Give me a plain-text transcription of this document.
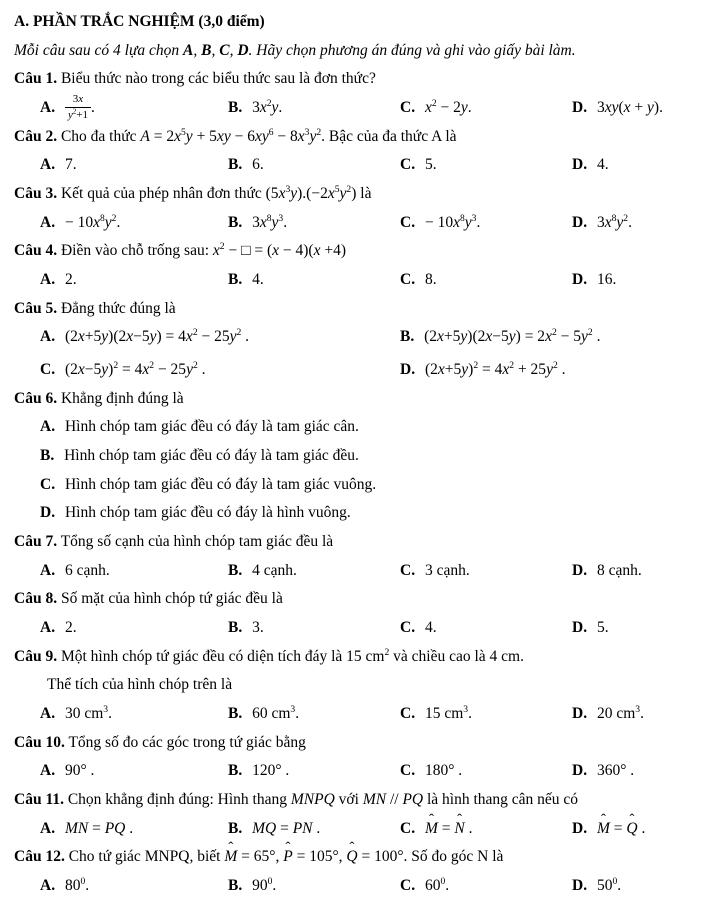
A. PHẦN TRẮC NGHIỆM (3,0 điểm)
Mỗi câu sau có 4 lựa chọn A, B, C, D. Hãy chọn phương án đúng và ghi vào giấy bài làm.
Câu 1. Biểu thức nào trong các biểu thức sau là đơn thức?
A. $\frac{3x}{y^2+1}$ .	B. $3x^2y$.	C. $x^2 - 2y$.	D. 3xy(x + y).
Câu 2. Cho đa thức $A = 2x^5y + 5xy - 6xy^6 - 8x^3y^2$. Bậc của đa thức A là
A. 7.	B. 6.	C. 5.	D. 4.
Câu 3. Kết quả của phép nhân đơn thức $(5x^3y).(-2x^5y^2)$ là
A. − $10x^8y^2$.	B. $3x^8y^3$.	C. − $10x^8y^3$.	D. $3x^8y^2$.
Câu 4. Điền vào chỗ trống sau: $x^2$ − □ = (x − 4)(x +4)
A. 2.	B. 4.	C. 8.	D. 16.
Câu 5. Đẳng thức đúng là
A. $(2x+5y)(2x-5y) = 4x^2 - 25y^2$ .	B. $(2x+5y)(2x-5y) = 2x^2 - 5y^2$ .
C. $(2x-5y)^2 = 4x^2 - 25y^2$ .	D. $(2x+5y)^2 = 4x^2 + 25y^2$ .
Câu 6. Khẳng định đúng là
A. Hình chóp tam giác đều có đáy là tam giác cân.
B. Hình chóp tam giác đều có đáy là tam giác đều.
C. Hình chóp tam giác đều có đáy là tam giác vuông.
D. Hình chóp tam giác đều có đáy là hình vuông.
Câu 7. Tổng số cạnh của hình chóp tam giác đều là
A. 6 cạnh.	B. 4 cạnh.	C. 3 cạnh.	D. 8 cạnh.
Câu 8. Số mặt của hình chóp tứ giác đều là
A. 2.	B. 3.	C. 4.	D. 5.
Câu 9. Một hình chóp tứ giác đều có diện tích đáy là 15 $cm^2$ và chiều cao là 4 cm.
Thể tích của hình chóp trên là
A. 30 $cm^3$.	B. 60 $cm^3$.	C. 15 $cm^3$.	D. 20 $cm^3$.
Câu 10. Tổng số đo các góc trong tứ giác bằng
A. 90° .	B. 120° .	C. 180° .	D. 360° .
Câu 11. Chọn khẳng định đúng: Hình thang MNPQ với MN // PQ là hình thang cân nếu có
A. MN = PQ .	B. MQ = PN .	C. ˆ M = ˆ N .	D. ˆ M = ˆ Q .
Câu 12. Cho tứ giác MNPQ, biết ˆ M = 65°, ˆ P = 105°, ˆ Q = 100°. Số đo góc N là
A. $80^0$.	B. $90^0$.	C. $60^0$.	D. $50^0$.
